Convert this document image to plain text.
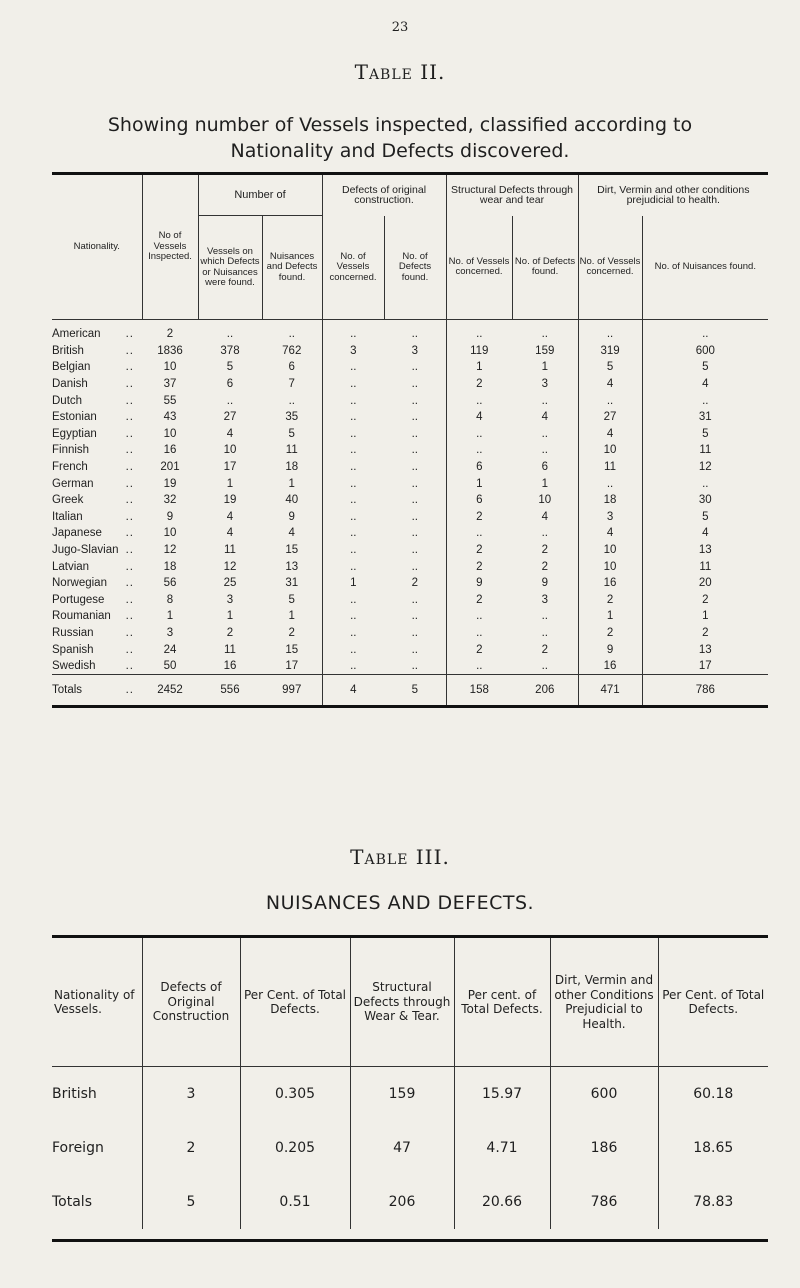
23
Table II.
Showing number of Vessels inspected, classified according to
Nationality and Defects discovered.
Nationality.	No of Vessels Inspected.	Number of		Defects of original construction.		Structural Defects through wear and tear		Dirt, Vermin and other conditions prejudicial to health.	
		Vessels on which Defects or Nuisances were found.	Nuisances and Defects found.	No. of Vessels concerned.	No. of Defects found.	No. of Vessels concerned.	No. of Defects found.	No. of Vessels concerned.	No. of Nuisances found.
American ..	2	..	..	..	..	..	..	..	..
British ..	1836	378	762	3	3	119	159	319	600
Belgian ..	10	5	6	..	..	1	1	5	5
Danish ..	37	6	7	..	..	2	3	4	4
Dutch ..	55	..	..	..	..	..	..	..	..
Estonian ..	43	27	35	..	..	4	4	27	31
Egyptian ..	10	4	5	..	..	..	..	4	5
Finnish ..	16	10	11	..	..	..	..	10	11
French ..	201	17	18	..	..	6	6	11	12
German ..	19	1	1	..	..	1	1	..	..
Greek ..	32	19	40	..	..	6	10	18	30
Italian ..	9	4	9	..	..	2	4	3	5
Japanese ..	10	4	4	..	..	..	..	4	4
Jugo-Slavian ..	12	11	15	..	..	2	2	10	13
Latvian ..	18	12	13	..	..	2	2	10	11
Norwegian ..	56	25	31	1	2	9	9	16	20
Portugese ..	8	3	5	..	..	2	3	2	2
Roumanian ..	1	1	1	..	..	..	..	1	1
Russian ..	3	2	2	..	..	..	..	2	2
Spanish ..	24	11	15	..	..	2	2	9	13
Swedish ..	50	16	17	..	..	..	..	16	17
Totals ..	2452	556	997	4	5	158	206	471	786
Table III.
NUISANCES AND DEFECTS.
Nationality of Vessels.	Defects of Original Construction	Per Cent. of Total Defects.	Structural Defects through Wear & Tear.	Per cent. of Total Defects.	Dirt, Vermin and other Conditions Prejudicial to Health.	Per Cent. of Total Defects.
British	3	0.305	159	15.97	600	60.18
Foreign	2	0.205	47	4.71	186	18.65
Totals	5	0.51	206	20.66	786	78.83
